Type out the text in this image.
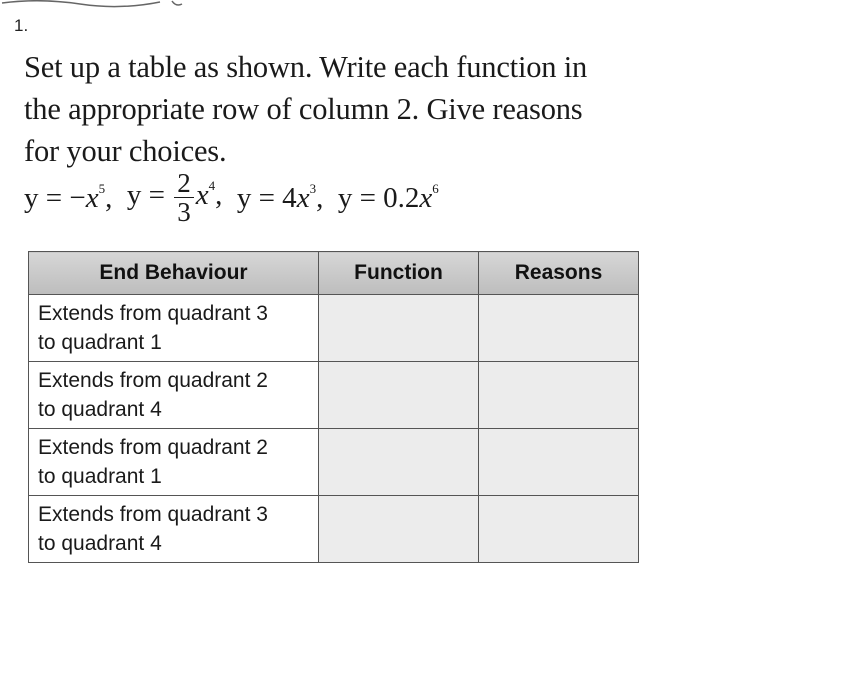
1.

Set up a table as shown. Write each function in

the appropriate row of column 2. Give reasons

for your choices.

$y = -x^5$,  $y = \frac{2}{3} x^4$,  $y = 4x^3$,  $y = 0.2x^6$
End Behaviour	Function	Reasons

Extends from quadrant 3
to quadrant 1		

Extends from quadrant 2
to quadrant 4		

Extends from quadrant 2
to quadrant 1		

Extends from quadrant 3
to quadrant 4		
